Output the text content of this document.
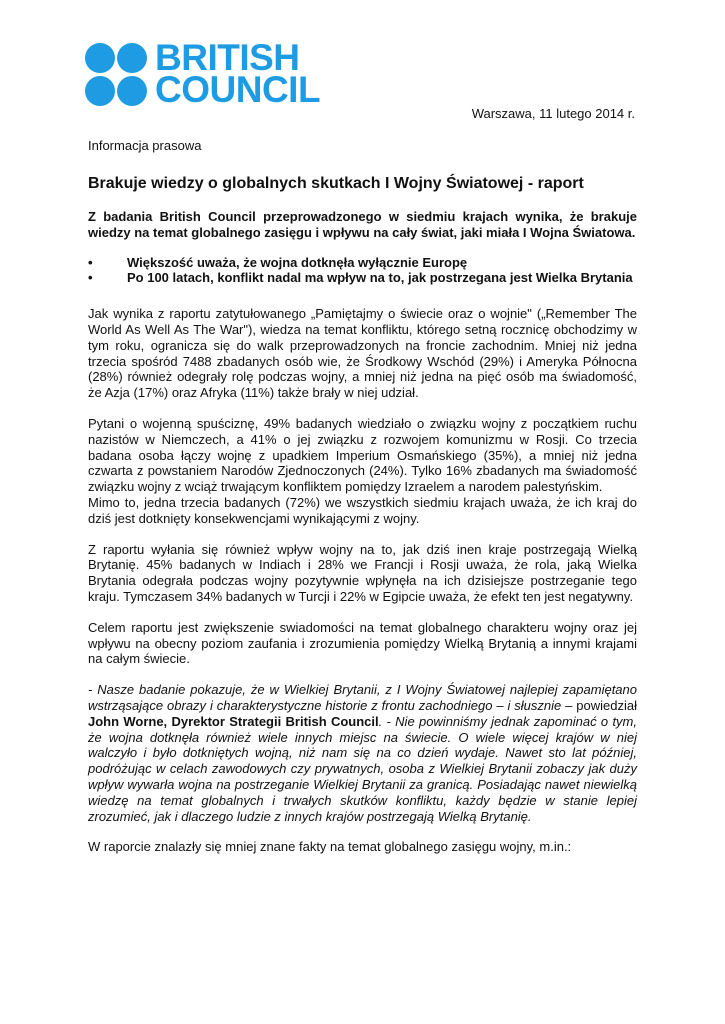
BRITISH
COUNCIL
Warszawa, 11 lutego 2014 r.
Informacja prasowa
Brakuje wiedzy o globalnych skutkach I Wojny Światowej - raport

Z badania British Council przeprowadzonego w siedmiu krajach wynika, że brakuje wiedzy na temat globalnego zasięgu i wpływu na cały świat, jaki miała I Wojna Światowa.

•	Większość uważa, że wojna dotknęła wyłącznie Europę
•	Po 100 latach, konflikt nadal ma wpływ na to, jak postrzegana jest Wielka Brytania

Jak wynika z raportu zatytułowanego „Pamiętajmy o świecie oraz o wojnie" („Remember The World As Well As The War"), wiedza na temat konfliktu, którego setną rocznicę obchodzimy w tym roku, ogranicza się do walk przeprowadzonych na froncie zachodnim. Mniej niż jedna trzecia spośród 7488 zbadanych osób wie, że Środkowy Wschód (29%) i Ameryka Północna (28%) również odegrały rolę podczas wojny, a mniej niż jedna na pięć osób ma świadomość, że Azja (17%) oraz Afryka (11%) także brały w niej udział.

Pytani o wojenną spuściznę, 49% badanych wiedziało o związku wojny z początkiem ruchu nazistów w Niemczech, a 41% o jej związku z rozwojem komunizmu w Rosji. Co trzecia badana osoba łączy wojnę z upadkiem Imperium Osmańskiego (35%), a mniej niż jedna czwarta z powstaniem Narodów Zjednoczonych (24%). Tylko 16% zbadanych ma świadomość związku wojny z wciąż trwającym konfliktem pomiędzy Izraelem a narodem palestyńskim.

Mimo to, jedna trzecia badanych (72%) we wszystkich siedmiu krajach uważa, że ich kraj do dziś jest dotknięty konsekwencjami wynikającymi z wojny.

Z raportu wyłania się również wpływ wojny na to, jak dziś inen kraje postrzegają Wielką Brytanię. 45% badanych w Indiach i 28% we Francji i Rosji uważa, że rola, jaką Wielka Brytania odegrała podczas wojny pozytywnie wpłynęła na ich dzisiejsze postrzeganie tego kraju. Tymczasem 34% badanych w Turcji i 22% w Egipcie uważa, że efekt ten jest negatywny.

Celem raportu jest zwiększenie swiadomości na temat globalnego charakteru wojny oraz jej wpływu na obecny poziom zaufania i zrozumienia pomiędzy Wielką Brytanią a innymi krajami na całym świecie.

- Nasze badanie pokazuje, że w Wielkiej Brytanii, z I Wojny Światowej najlepiej zapamiętano wstrząsające obrazy i charakterystyczne historie z frontu zachodniego – i słusznie – powiedział John Worne, Dyrektor Strategii British Council. - Nie powinniśmy jednak zapominać o tym, że wojna dotknęła również wiele innych miejsc na świecie. O wiele więcej krajów w niej walczyło i było dotkniętych wojną, niż nam się na co dzień wydaje. Nawet sto lat później, podróżując w celach zawodowych czy prywatnych, osoba z Wielkiej Brytanii zobaczy jak duży wpływ wywarła wojna na postrzeganie Wielkiej Brytanii za granicą. Posiadając nawet niewielką wiedzę na temat globalnych i trwałych skutków konfliktu, każdy będzie w stanie lepiej zrozumieć, jak i dlaczego ludzie z innych krajów postrzegają Wielką Brytanię.

W raporcie znalazły się mniej znane fakty na temat globalnego zasięgu wojny, m.in.:
